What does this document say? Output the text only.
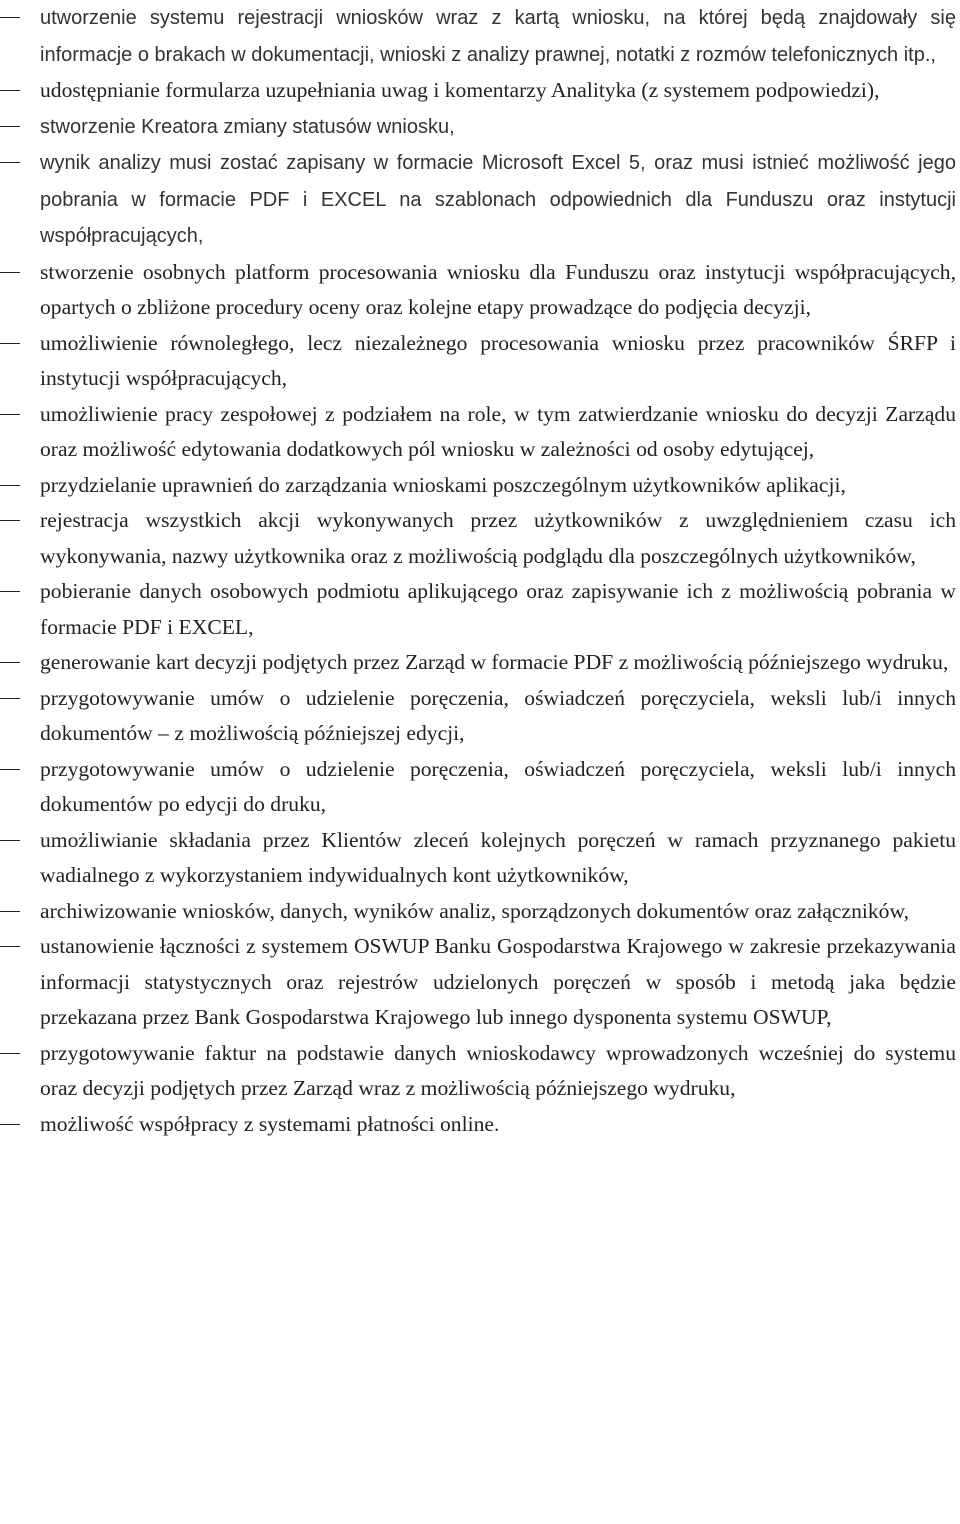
utworzenie systemu rejestracji wniosków wraz z kartą wniosku, na której będą znajdowały się informacje o brakach w dokumentacji, wnioski z analizy prawnej, notatki z rozmów telefonicznych itp.,
udostępnianie formularza uzupełniania uwag i komentarzy Analityka (z systemem podpowiedzi),
stworzenie Kreatora zmiany statusów wniosku,
wynik analizy musi zostać zapisany w formacie Microsoft Excel 5, oraz musi istnieć możliwość jego pobrania w formacie PDF i EXCEL na szablonach odpowiednich dla Funduszu oraz instytucji współpracujących,
stworzenie osobnych platform procesowania wniosku dla Funduszu oraz instytucji współpracujących, opartych o zbliżone procedury oceny oraz kolejne etapy prowadzące do podjęcia decyzji,
umożliwienie równoległego, lecz niezależnego procesowania wniosku przez pracowników ŚRFP i instytucji współpracujących,
umożliwienie pracy zespołowej z podziałem na role, w tym zatwierdzanie wniosku do decyzji Zarządu oraz możliwość edytowania dodatkowych pól wniosku w zależności od osoby edytującej,
przydzielanie uprawnień do zarządzania wnioskami poszczególnym użytkowników aplikacji,
rejestracja wszystkich akcji wykonywanych przez użytkowników z uwzględnieniem czasu ich wykonywania, nazwy użytkownika oraz z możliwością podglądu dla poszczególnych użytkowników,
pobieranie danych osobowych podmiotu aplikującego oraz zapisywanie ich z możliwością pobrania w formacie PDF i EXCEL,
generowanie kart decyzji podjętych przez Zarząd w formacie PDF z możliwością późniejszego wydruku,
przygotowywanie umów o udzielenie poręczenia, oświadczeń poręczyciela, weksli lub/i innych dokumentów – z możliwością późniejszej edycji,
przygotowywanie umów o udzielenie poręczenia, oświadczeń poręczyciela, weksli lub/i innych dokumentów po edycji do druku,
umożliwianie składania przez Klientów zleceń kolejnych poręczeń w ramach przyznanego pakietu wadialnego z wykorzystaniem indywidualnych kont użytkowników,
archiwizowanie wniosków, danych, wyników analiz, sporządzonych dokumentów oraz załączników,
ustanowienie łączności z systemem OSWUP Banku Gospodarstwa Krajowego w zakresie przekazywania informacji statystycznych oraz rejestrów udzielonych poręczeń w sposób i metodą jaka będzie przekazana przez Bank Gospodarstwa Krajowego lub innego dysponenta systemu OSWUP,
przygotowywanie faktur na podstawie danych wnioskodawcy wprowadzonych wcześniej do systemu oraz decyzji podjętych przez Zarząd wraz z możliwością późniejszego wydruku,
możliwość współpracy z systemami płatności online.
